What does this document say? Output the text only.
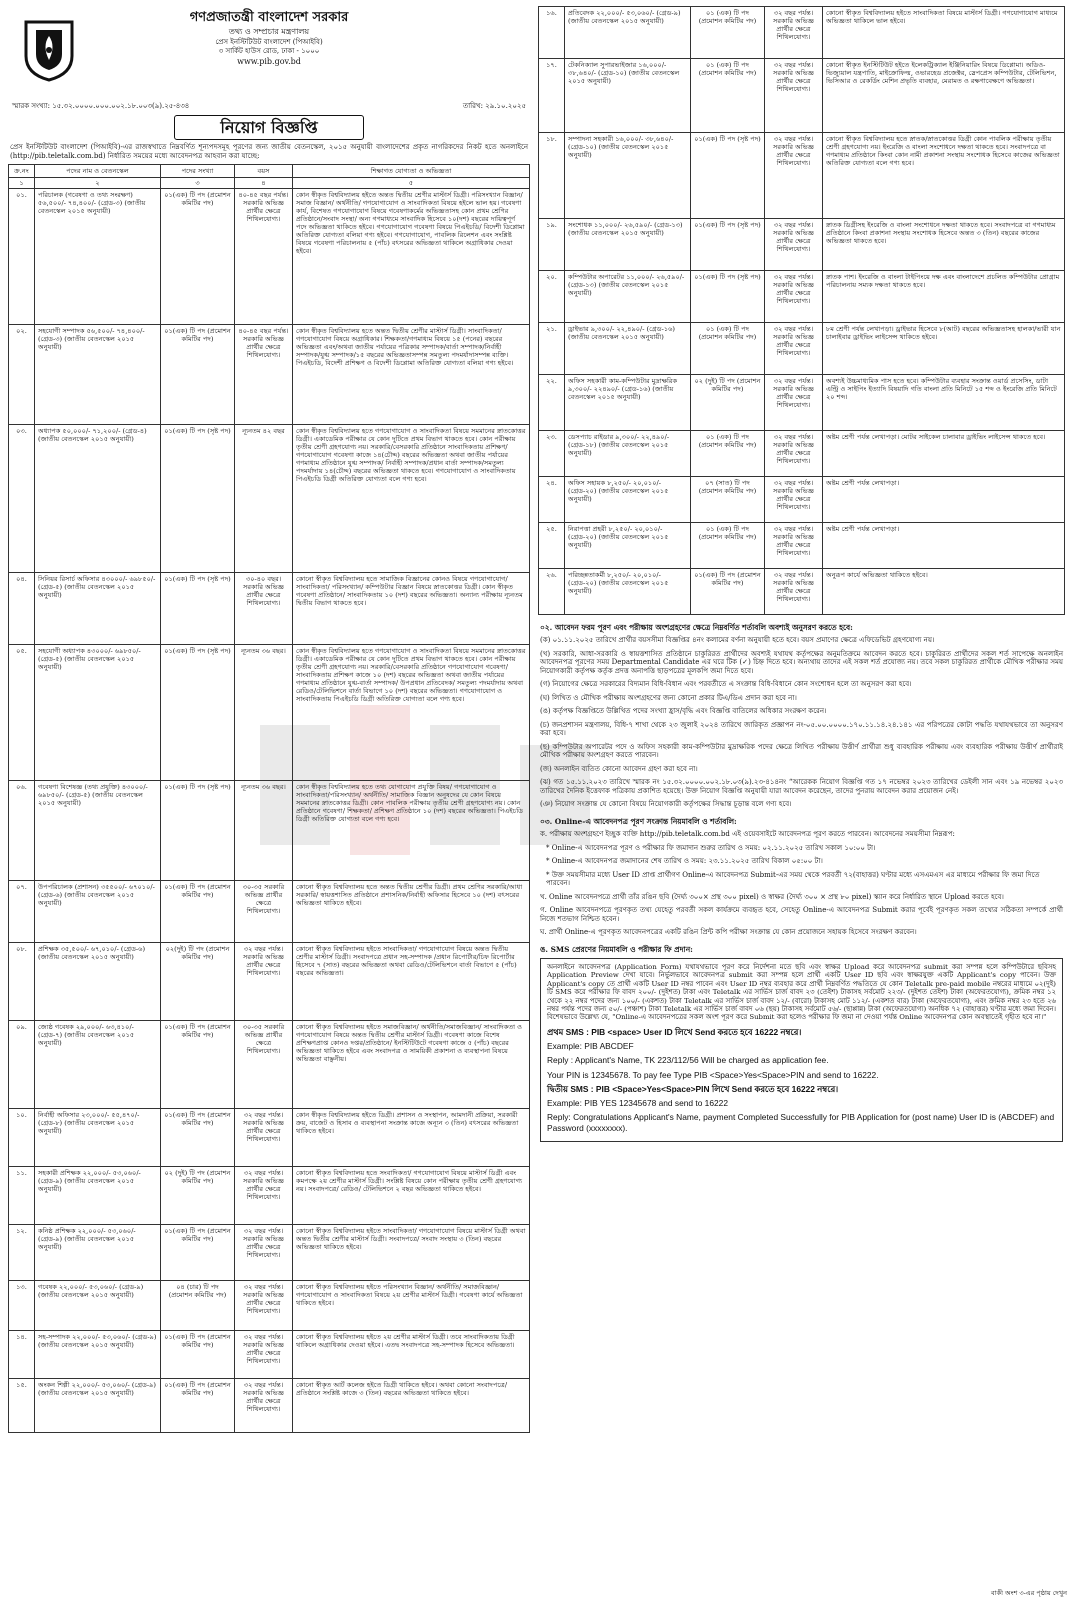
গণপ্রজাতন্ত্রী বাংলাদেশ সরকার
তথ্য ও সম্প্রচার মন্ত্রণালয়
প্রেস ইনস্টিটিউট বাংলাদেশ (পিআইবি)
৩ সার্কিট হাউস রোড, ঢাকা - ১০০০
www.pib.gov.bd
স্মারক সংখ্যা: ১৫.৩২.০০০০.০০০.০০২.১৮.০০৩(৯).২৫-৪৩৪	তারিখ: ২৯.১০.২০২৫
নিয়োগ বিজ্ঞপ্তি
প্রেস ইনস্টিটিউট বাংলাদেশ (পিআইবি)-এর রাজস্বখাতে নিম্নবর্ণিত শূন্যপদসমূহ পূরণের জন্য জাতীয় বেতনস্কেল, ২০১৫ অনুযায়ী বাংলাদেশের প্রকৃত নাগরিকদের নিকট হতে অনলাইনে (http://pib.teletalk.com.bd) নির্ধারিত সময়ের মধ্যে আবেদনপত্র আহবান করা যাচ্ছে:
ক্র.নং	পদের নাম ও বেতনস্কেল	পদের সংখ্যা	বয়স	শিক্ষাগত যোগ্যতা ও অভিজ্ঞতা
১	২	৩	৪	৫
০১.	পরিচালক (গবেষণা ও তথ্য সংরক্ষণ) ৫৬,৫০০/- ৭৪,৪০০/- (গ্রেড-৩) (জাতীয় বেতনস্কেল ২০১৫ অনুযায়ী)	০১(এক) টি পদ (প্রমোশন কমিটির পদ)	৪০-৪৫ বছর পর্যন্ত। সরকারি অভিজ্ঞ প্রার্থীর ক্ষেত্রে শিথিলযোগ্য।	কোন স্বীকৃত বিশ্ববিদ্যালয় হইতে অন্তত দ্বিতীয় শ্রেণীর মাস্টার্স ডিগ্রী। পরিসংখ্যান বিজ্ঞান/সমাজ বিজ্ঞান/ অর্থনীতি/ গণযোগাযোগ ও সাংবাদিকতা বিষয়ে হইলে ভাল হয়। গবেষণা কার্য, বিশেষত গণযোগাযোগ বিষয়ে গবেষণাকর্মের অভিজ্ঞতাসহ কোন প্রথম শ্রেণির প্রতিষ্ঠানে/সংবাদ সংস্থা/ অন্য গণমাধ্যমে সাংবাদিক হিসেবে ১০(দশ) বছরের দায়িত্বপূর্ণ পদে অভিজ্ঞতা থাকিতে হইবে। গণযোগাযোগ গবেষণা বিষয়ে পিএইচডি/ বিদেশী ডিপ্লোমা অতিরিক্ত যোগ্যতা বলিয়া গণ্য হইবে। গণযোগাযোগ, পাবলিক রিলেশন এবং সংশ্লিষ্ট বিষয়ে গবেষণা পরিচালনায় ৫ (পাঁচ) বৎসরের অভিজ্ঞতা থাকিলে অগ্রাধিকার দেওয়া হইবে।
০২.	সহযোগী সম্পাদক ৫৬,৫০০/- ৭৪,৪০০/- (গ্রেড-৩) (জাতীয় বেতনস্কেল ২০১৫ অনুযায়ী)	০১(এক) টি পদ (প্রমোশন কমিটির পদ)	৪০-৪৫ বছর পর্যন্ত। সরকারি অভিজ্ঞ প্রার্থীর ক্ষেত্রে শিথিলযোগ্য।	কোন স্বীকৃত বিশ্ববিদ্যালয় হতে অন্তত দ্বিতীয় শ্রেণীর মাস্টার্স ডিগ্রী। সাংবাদিকতা/ গণযোগাযোগ বিষয়ে অগ্রাধিকার। শিক্ষকতা/গণমাধ্যম বিষয়ে ১৫ (পনের) বছরের অভিজ্ঞতা এবং/অথবা জাতীয় পর্যায়ের পত্রিকার সম্পাদক/বার্তা সম্পাদক/নির্বাহী সম্পাদক/যুগ্ম সম্পাদক/১৫ বছরের অভিজ্ঞতাসম্পন্ন সমতুল্য পদমর্যাদাসম্পন্ন ব্যক্তি। পিএইচডি, বিদেশী প্রশিক্ষণ ও বিদেশী ডিপ্লোমা অতিরিক্ত যোগ্যতা বলিয়া গণ্য হইবে।
০৩.	অধ্যাপক ৫০,০০০/- ৭১,২০০/- (গ্রেড-৪) (জাতীয় বেতনস্কেল ২০১৫ অনুযায়ী)	০১(এক) টি পদ (সৃষ্ট পদ)	ন্যূনতম ৪২ বছর	কোন স্বীকৃত বিশ্ববিদ্যালয় হতে গণযোগাযোগ ও সাংবাদিকতা বিষয়ে সমমানের স্নাতকোত্তর ডিগ্রী। একাডেমিক পরীক্ষার যে কোন দুটিতে প্রথম বিভাগ থাকতে হবে। কোন পরীক্ষায় তৃতীয় শ্রেণী গ্রহণযোগ্য নয়। সরকারি/বেসরকারি প্রতিষ্ঠানে সাংবাদিকতায় প্রশিক্ষণ/ গণযোগাযোগ গবেষণা কাজে ১৪(চৌদ্দ) বছরের অভিজ্ঞতা অথবা জাতীয় পর্যায়ের গণমাধ্যম প্রতিষ্ঠানে যুগ্ম সম্পাদক/ নির্বাহী সম্পাদক/প্রধান বার্তা সম্পাদক/সমতুল্য পদমর্যাদায় ১৪(চৌদ্দ) বছরের অভিজ্ঞতা থাকতে হবে। গণযোগাযোগ ও সাংবাদিকতায় পিএইচডি ডিগ্রী অতিরিক্ত যোগ্যতা বলে গণ্য হবে।
০৪.	সিনিয়র রিসার্চ অফিসার ৪৩০০০/- ৬৯৮৫০/- (গ্রেড-৫) (জাতীয় বেতনস্কেল ২০১৫ অনুযায়ী)	০১(এক) টি পদ (সৃষ্ট পদ)	৩০-৪০ বছর। সরকারি অভিজ্ঞ প্রার্থীর ক্ষেত্রে শিথিলযোগ্য।	কোনো স্বীকৃত বিশ্ববিদ্যালয় হতে সামাজিক বিজ্ঞানের কোনও বিষয়ে গণযোগাযোগ/ সাংবাদিকতা/ পরিসংখ্যান/ কম্পিউটার বিজ্ঞান বিষয়ে স্নাতকোত্তর ডিগ্রী। কোন স্বীকৃত গবেষণা প্রতিষ্ঠানে/ সাংবাদিকতায় ১০ (দশ) বছরের অভিজ্ঞতা। অন্যান্য পরীক্ষায় ন্যূনতম দ্বিতীয় বিভাগ থাকতে হবে।
০৫.	সহযোগী অধ্যাপক ৪৩০০০/- ৬৯৮৫০/- (গ্রেড-৫) (জাতীয় বেতনস্কেল ২০১৫ অনুযায়ী)	০১(এক) টি পদ (সৃষ্ট পদ)	ন্যূনতম ৩৬ বছর।	কোন স্বীকৃত বিশ্ববিদ্যালয় হতে গণযোগাযোগ ও সাংবাদিকতা বিষয়ে সমমানের স্নাতকোত্তর ডিগ্রী। একাডেমিক পরীক্ষার যে কোন দুটিতে প্রথম বিভাগ থাকতে হবে। কোন পরীক্ষায় তৃতীয় শ্রেণী গ্রহণযোগ্য নয়। সরকারি/বেসরকারি প্রতিষ্ঠানে গণযোগাযোগ গবেষণা/ সাংবাদিকতায় প্রশিক্ষণ কাজে ১০ (দশ) বছরের অভিজ্ঞতা অথবা জাতীয় পর্যায়ের গণমাধ্যম প্রতিষ্ঠানে যুগ্ম-বার্তা সম্পাদক/ উপপ্রধান প্রতিবেদক/ সমতুল্য পদমর্যাদায় অথবা রেডিও/টেলিভিশনে বার্তা বিভাগে ১০ (দশ) বছরের অভিজ্ঞতা। গণযোগাযোগ ও সাংবাদিকতায় পিএইচডি ডিগ্রী অতিরিক্ত যোগ্যতা বলে গণ্য হবে।
০৬.	গবেষণা বিশেষজ্ঞ (তথ্য প্রযুক্তি) ৪৩০০০/- ৬৯৮৫০/- (গ্রেড-৫) (জাতীয় বেতনস্কেল ২০১৫ অনুযায়ী)	০১(এক) টি পদ (সৃষ্ট পদ)	ন্যূনতম ৩৬ বছর।	কোন স্বীকৃত বিশ্ববিদ্যালয় হতে তথ্য যোগাযোগ প্রযুক্তি বিষয়/ গণযোগাযোগ ও সাংবাদিকতা/পরিসংখ্যান/ অর্থনীতি/ সামাজিক বিজ্ঞান অনুষদের যে কোন বিষয়ে সমমানের স্নাতকোত্তর ডিগ্রী। কোন পাবলিক পরীক্ষায় তৃতীয় শ্রেণী গ্রহণযোগ্য নয়। কোন প্রতিষ্ঠানে গবেষণা/ শিক্ষকতা/ প্রশিক্ষণ প্রতিষ্ঠানে ১০ (দশ) বছরের অভিজ্ঞতা। পিএইচডি ডিগ্রী অতিরিক্ত যোগ্যতা বলে গণ্য হবে।
০৭.	উপপরিচালক (প্রশাসন) ৩৫৫০০/- ৬৭০১০/- (গ্রেড-৬) (জাতীয় বেতনস্কেল ২০১৫ অনুযায়ী)	০১(এক) টি পদ (প্রমোশন কমিটির পদ)	৩০-৩৫ সরকারি অভিজ্ঞ প্রার্থীর ক্ষেত্রে শিথিলযোগ্য।	কোনো স্বীকৃত বিশ্ববিদ্যালয় হতে অন্তত দ্বিতীয় শ্রেণীর ডিগ্রী। প্রথম শ্রেণির সরকারি/আধা সরকারি/ স্বায়ত্তশাসিত প্রতিষ্ঠানে প্রশাসনিক/নির্বাহী অফিসার হিসেবে ১০ (দশ) বৎসরের অভিজ্ঞতা থাকিতে হইবে।
০৮.	প্রশিক্ষক ৩৫,৫০০/- ৬৭,০১০/- (গ্রেড-৬) (জাতীয় বেতনস্কেল ২০১৫ অনুযায়ী)	০২(দুই) টি পদ (প্রমোশন কমিটির পদ)	৩২ বছর পর্যন্ত। সরকারি অভিজ্ঞ প্রার্থীর ক্ষেত্রে শিথিলযোগ্য।	কোনো স্বীকৃত বিশ্ববিদ্যালয় হইতে সাংবাদিকতা/ গণযোগাযোগ বিষয়ে অন্তত দ্বিতীয় শ্রেণীর মাস্টার্স ডিগ্রী। সংবাদপত্রে প্রধান সহ-সম্পাদক /প্রধান রিপোর্টার/চিফ রিপোর্টার হিসেবে ৭ (সাত) বছরের অভিজ্ঞতা অথবা রেডিও/টেলিভিশনে বার্তা বিভাগে ৫ (পাঁচ) বছরের অভিজ্ঞতা।
০৯.	জ্যেষ্ঠ গবেষক ২৯,০০০/- ৬৩,৪১০/- (গ্রেড-৭) (জাতীয় বেতনস্কেল ২০১৫ অনুযায়ী)	০১(এক) টি পদ (প্রমোশন কমিটির পদ)	৩০-৩৫ সরকারি অভিজ্ঞ প্রার্থীর ক্ষেত্রে শিথিলযোগ্য।	কোনো স্বীকৃত বিশ্ববিদ্যালয় হইতে সমাজবিজ্ঞান/ অর্থনীতি/সমাজবিজ্ঞান/ সাংবাদিকতা ও গণযোগাযোগ বিষয়ে অন্তত দ্বিতীয় শ্রেণীর মাস্টার্স ডিগ্রী। গবেষণা কাজে বিশেষ প্রশিক্ষণপ্রাপ্ত কোনও দপ্তর/প্রতিষ্ঠানে/ ইনস্টিটিউটে গবেষণা কাজে ৫ (পাঁচ) বছরের অভিজ্ঞতা থাকিতে হইবে এবং সংবাদপত্র ও সাময়িকী প্রকাশনা ও ব্যবস্থাপনা বিষয়ে অভিজ্ঞতা বাঞ্ছনীয়।
১০.	নির্বাহী অফিসার ২৩,০০০/- ৫৫,৪৭০/- (গ্রেড-৮) (জাতীয় বেতনস্কেল ২০১৫ অনুযায়ী)	০১(এক) টি পদ (প্রমোশন কমিটির পদ)	৩২ বছর পর্যন্ত। সরকারি অভিজ্ঞ প্রার্থীর ক্ষেত্রে শিথিলযোগ্য।	কোন স্বীকৃত বিশ্ববিদ্যালয় হইতে ডিগ্রী। প্রশাসন ও সংস্থাপন, আমদানী প্রক্রিয়া, সরকারী ক্রয়, বাজেট ও হিসাব ও ব্যবস্থাপনা সংক্রান্ত কাজে অন্যূন ৩ (তিন) বৎসরের অভিজ্ঞতা থাকিতে হইবে।
১১.	সহকারী প্রশিক্ষক ২২,০০০/- ৫৩,০৬০/- (গ্রেড-৯) (জাতীয় বেতনস্কেল ২০১৫ অনুযায়ী)	০২ (দুই) টি পদ (প্রমোশন কমিটির পদ)	৩২ বছর পর্যন্ত। সরকারি অভিজ্ঞ প্রার্থীর ক্ষেত্রে শিথিলযোগ্য।	কোনো স্বীকৃত বিশ্ববিদ্যালয় হতে সংবাদিকতা/ গণযোগাযোগ বিষয়ে মাস্টার্স ডিগ্রী এবং কমপক্ষে ২য় শ্রেণীর মাস্টার্স ডিগ্রী। সংশ্লিষ্ট বিষয়ে কোন পরীক্ষায় তৃতীয় শ্রেণী গ্রহণযোগ্য নয়। সংবাদপত্রে/ রেডিও/ টেলিভিশনে ২ বছর অভিজ্ঞতা থাকিতে হইবে।
১২.	কনিষ্ঠ প্রশিক্ষক ২২,০০০/- ৫৩,০৬০/- (গ্রেড-৯) (জাতীয় বেতনস্কেল ২০১৫ অনুযায়ী)	০১(এক) টি পদ (প্রমোশন কমিটির পদ)	৩২ বছর পর্যন্ত। সরকারি অভিজ্ঞ প্রার্থীর ক্ষেত্রে শিথিলযোগ্য।	কোনো স্বীকৃত বিশ্ববিদ্যালয় হইতে সাংবাদিকতা/ গণযোগাযোগ বিষয়ে মাস্টার্স ডিগ্রী অথবা অন্তত দ্বিতীয় শ্রেণীর মাস্টার্স ডিগ্রী। সংবাদপত্রে/ সংবাদ সংস্থায় ৩ (তিন) বছরের অভিজ্ঞতা থাকিতে হইবে।
১৩.	গবেষক ২২,০০০/- ৫৩,০৬০/- (গ্রেড-৯) (জাতীয় বেতনস্কেল ২০১৫ অনুযায়ী)	০৪ (চার) টি পদ (প্রমোশন কমিটির পদ)	৩২ বছর পর্যন্ত। সরকারি অভিজ্ঞ প্রার্থীর ক্ষেত্রে শিথিলযোগ্য।	কোনো স্বীকৃত বিশ্ববিদ্যালয় হইতে পরিসংখ্যান বিজ্ঞান/ অর্থনীতি/ সমাজবিজ্ঞান/ গণযোগাযোগ ও সাংবাদিকতা বিষয়ে ২য় শ্রেণীর মাস্টার্স ডিগ্রী। গবেষণা কার্যে অভিজ্ঞতা থাকিতে হইবে।
১৪.	সহ-সম্পাদক ২২,০০০/- ৫৩,০৬০/- (গ্রেড-৯) (জাতীয় বেতনস্কেল ২০১৫ অনুযায়ী)	০১(এক) টি পদ (প্রমোশন কমিটির পদ)	৩২ বছর পর্যন্ত। সরকারি অভিজ্ঞ প্রার্থীর ক্ষেত্রে শিথিলযোগ্য।	কোনো স্বীকৃত বিশ্ববিদ্যালয় হইতে ২য় শ্রেণীর মাস্টার্স ডিগ্রী। তবে সাংবাদিকতায় ডিগ্রী থাকিলে অগ্রাধিকার দেওয়া হইবে। এতদ্ব সংবাদপত্রে সহ-সম্পাদক হিসেবে অভিজ্ঞতা।
১৫.	অংকন শিল্পী ২২,০০০/- ৫৩,০৬০/- (গ্রেড-৯) (জাতীয় বেতনস্কেল ২০১৫ অনুযায়ী)	০১(এক) টি পদ (প্রমোশন কমিটির পদ)	৩২ বছর পর্যন্ত। সরকারি অভিজ্ঞ প্রার্থীর ক্ষেত্রে শিথিলযোগ্য।	কোনো স্বীকৃত আর্ট কলেজ হইতে ডিগ্রী থাকিতে হইবে। অথবা কোনো সংবাদপত্রে/প্রতিষ্ঠানে সংশ্লিষ্ট কাজে ৩ (তিন) বছরের অভিজ্ঞতা থাকিতে হইবে।
১৬.	প্রতিবেদক ২২,০০০/- ৫৩,০৬০/- (গ্রেড-৯) (জাতীয় বেতনস্কেল ২০১৫ অনুযায়ী)	০১ (এক) টি পদ (প্রমোশন কমিটির পদ)	৩২ বছর পর্যন্ত। সরকারি অভিজ্ঞ প্রার্থীর ক্ষেত্রে শিথিলযোগ্য।	কোনো স্বীকৃত বিশ্ববিদ্যালয় হইতে সাংবাদিকতা বিষয়ে মাস্টার্স ডিগ্রী। গণযোগাযোগ মাধ্যমে অভিজ্ঞতা থাকিলে ভাল হইবে।
১৭.	টেকনিক্যাল সুপারভাইজার ১৬,০০০/- ৩৮,৬৪০/- (গ্রেড-১০) (জাতীয় বেতনস্কেল ২০১৫ অনুযায়ী)	০১ (এক) টি পদ (প্রমোশন কমিটির পদ)	৩২ বছর পর্যন্ত। সরকারি অভিজ্ঞ প্রার্থীর ক্ষেত্রে শিথিলযোগ্য।	কোনো স্বীকৃত ইনস্টিটিউট হইতে ইলেকট্রিক্যাল ইঞ্জিনিয়ারিং বিষয়ে ডিপ্লোমা। অডিও-ভিজ্যুয়াল যন্ত্রপাতি, মাইক্রোফিল্ম, ওভারহেড প্রজেক্টর, স্লেপপ্রেস কম্পিউটার, টেলিভিশন, ভিসিআর ও রেকর্ডিং মেশিন প্রভৃতি ব্যবহার, মেরামত ও রক্ষণাবেক্ষণে অভিজ্ঞতা।
১৮.	সম্পাদনা সহকারী ১৬,০০০/- ৩৮,৬৪০/- (গ্রেড-১০) (জাতীয় বেতনস্কেল ২০১৫ অনুযায়ী)	০১(এক) টি পদ (সৃষ্ট পদ)	৩২ বছর পর্যন্ত। সরকারি অভিজ্ঞ প্রার্থীর ক্ষেত্রে শিথিলযোগ্য।	কোনো স্বীকৃত বিশ্ববিদ্যালয় হতে স্নাতক/স্নাতকোত্তর ডিগ্রী কোন পাবলিক পরীক্ষায় তৃতীয় শ্রেণী গ্রহণযোগ্য নয়। ইংরেজি ও বাংলা সংশোধনে দক্ষতা থাকতে হবে। সংবাদপত্রে বা গণমাধ্যম প্রতিষ্ঠানে কিংবা কোন নামী প্রকাশনা সংস্থায় সংশোধক হিসেবে কাজের অভিজ্ঞতা অতিরিক্ত যোগ্যতা বলে গণ্য হবে।
১৯.	সংশোধক ১১,০০০/- ২৬,৫৯০/- (গ্রেড-১৩) (জাতীয় বেতনস্কেল ২০১৫ অনুযায়ী)	০১(এক) টি পদ (সৃষ্ট পদ)	৩২ বছর পর্যন্ত। সরকারি অভিজ্ঞ প্রার্থীর ক্ষেত্রে শিথিলযোগ্য।	স্নাতক ডিগ্রীসহ ইংরেজি ও বাংলা সংশোধনে দক্ষতা থাকতে হবে। সংবাদপত্রে বা গণমাধ্যম প্রতিষ্ঠানে কিংবা প্রকাশনা সংস্থায় সংশোধক হিসেবে অন্তত ৩ (তিন) বছরের কাজের অভিজ্ঞতা থাকতে হবে।
২০.	কম্পিউটার অপারেটর ১১,০০০/- ২৬,৫৯০/- (গ্রেড-১৩) (জাতীয় বেতনস্কেল ২০১৫ অনুযায়ী)	০১(এক) টি পদ (সৃষ্ট পদ)	৩২ বছর পর্যন্ত। সরকারি অভিজ্ঞ প্রার্থীর ক্ষেত্রে শিথিলযোগ্য।	স্নাতক পাশ। ইংরেজি ও বাংলা টাইপিংয়ে দক্ষ এবং বাংলাদেশে প্রচলিত কম্পিউটার প্রোগ্রাম পরিচালনায় সম্যক দক্ষতা থাকতে হবে।
২১.	ড্রাইভার ৯,৩০০/- ২২,৪৯০/- (গ্রেড-১৬) (জাতীয় বেতনস্কেল ২০১৫ অনুযায়ী)	০১ (এক) টি পদ (প্রমোশন কমিটির পদ)	৩২ বছর পর্যন্ত। সরকারি অভিজ্ঞ প্রার্থীর ক্ষেত্রে শিথিলযোগ্য।	৮ম শ্রেণী পর্যন্ত লেখাপড়া। ড্রাইভার হিসেবে ৮(আট) বছরের অভিজ্ঞতাসহ হালকা/ভারী যান চালাইবার ড্রাইভিং লাইসেন্স থাকিতে হইবে।
২২.	অফিস সহকারী কাম-কম্পিউটার মুদ্রাক্ষরিক ৯,৩০০/- ২২৪৯০/- (গ্রেড-১৬) (জাতীয় বেতনস্কেল ২০১৫ অনুযায়ী)	০২ (দুই) টি পদ (প্রমোশন কমিটির পদ)	৩২ বছর পর্যন্ত। সরকারি অভিজ্ঞ প্রার্থীর ক্ষেত্রে শিথিলযোগ্য।	অবশ্যই উচ্চমাধ্যমিক পাস হতে হবে। কম্পিউটার ব্যবহার সংক্রান্ত ওয়ার্ড প্রসেসিং, ডাটা এন্ট্রি ও সাইপিং ইত্যাদি বিষয়াদি গতি বাংলা প্রতি মিনিটে ১৫ শব্দ ও ইংরেজি প্রতি মিনিটে ২০ শব্দ।
২৩.	ডেসপ্যাচ রাইডার ৯,৩০০/- ২২,৪৯০/- (গ্রেড-১৮) (জাতীয় বেতনস্কেল ২০১৫ অনুযায়ী)	০১ (এক) টি পদ (প্রমোশন কমিটির পদ)	৩২ বছর পর্যন্ত। সরকারি অভিজ্ঞ প্রার্থীর ক্ষেত্রে শিথিলযোগ্য।	অষ্টম শ্রেণী পর্যন্ত লেখাপড়া। মোটর সাইকেল চালাবার ড্রাইভিং লাইসেন্স থাকতে হবে।
২৪.	অফিস সহায়ক ৮,২৫০/- ২০,০১০/- (গ্রেড-২০) (জাতীয় বেতনস্কেল ২০১৫ অনুযায়ী)	০৭ (সাত) টি পদ (প্রমোশন কমিটির পদ)	৩২ বছর পর্যন্ত। সরকারি অভিজ্ঞ প্রার্থীর ক্ষেত্রে শিথিলযোগ্য।	অষ্টম শ্রেণী পর্যন্ত লেখাপড়া।
২৫.	নিরাপত্তা প্রহরী ৮,২৫০/- ২০,০১০/- (গ্রেড-২০) (জাতীয় বেতনস্কেল ২০১৫ অনুযায়ী)	০১ (এক) টি পদ (প্রমোশন কমিটির পদ)	৩২ বছর পর্যন্ত। সরকারি অভিজ্ঞ প্রার্থীর ক্ষেত্রে শিথিলযোগ্য।	অষ্টম শ্রেণী পর্যন্ত লেখাপড়া।
২৬.	পরিচ্ছন্নতাকর্মী ৮,২৫০/- ২০,০১০/- (গ্রেড-২০) (জাতীয় বেতনস্কেল ২০১৫ অনুযায়ী)	০১(এক) টি পদ (প্রমোশন কমিটির পদ)	৩২ বছর পর্যন্ত। সরকারি অভিজ্ঞ প্রার্থীর ক্ষেত্রে শিথিলযোগ্য।	অনুরূপ কার্যে অভিজ্ঞতা থাকিতে হইবে।
০২. আবেদন ফরম পূরণ এবং পরীক্ষায় অংশগ্রহণের ক্ষেত্রে নিম্নবর্ণিত শর্তাবলি অবশ্যই অনুসরণ করতে হবে:
(ক) ০১.১১.২০২৫ তারিখে প্রার্থীর বয়সসীমা বিজ্ঞপ্তির ৪নং কলামের বর্ণনা অনুযায়ী হতে হবে। বয়স প্রমাণের ক্ষেত্রে এফিডেভিট গ্রহণযোগ্য নয়।
(খ) সরকারি, আধা-সরকারি ও স্বায়ত্তশাসিত প্রতিষ্ঠানে চাকুরিরত প্রার্থীদের অবশ্যই যথাযথ কর্তৃপক্ষের অনুমতিক্রমে আবেদন করতে হবে। চাকুরিরত প্রার্থীদের সকল শর্ত সাপেক্ষে অনলাইন আবেদনপত্র পূরণের সময় Departmental Candidate এর ঘরে টিক (✓) চিহ্ন দিতে হবে। অন্যথায় তাদের এই সকল শর্ত প্রযোজ্য নয়। তবে সকল চাকুরিরত প্রার্থীকে মৌখিক পরীক্ষার সময় নিয়োগকারী কর্তৃপক্ষ কর্তৃক প্রদত্ত অনাপত্তি ছাড়পত্রের মূলকপি জমা দিতে হবে।
(গ) নিয়োগের ক্ষেত্রে সরকারের বিদ্যমান বিধি-বিধান এবং পরবর্তীতে এ সংক্রান্ত বিধি-বিধানে কোন সংশোধন হলে তা অনুসরণ করা হবে।
(ঘ) লিখিত ও মৌখিক পরীক্ষায় অংশগ্রহণের জন্য কোনো প্রকার টিএ/ডিএ প্রদান করা হবে না।
(ঙ) কর্তৃপক্ষ বিজ্ঞপ্তিতে উল্লিখিত পদের সংখ্যা হ্রাস/বৃদ্ধি এবং বিজ্ঞপ্তি বাতিলের অধিকার সংরক্ষণ করেন।
(চ) জনপ্রশাসন মন্ত্রণালয়, বিধি-৭ শাখা থেকে ২৩ জুলাই ২০২৪ তারিখে জারিকৃত প্রজ্ঞাপন নং-০৫.০০.০০০০.১৭০.১১.১৪.২৪.১৪১ এর পরিপত্রের কোটা পদ্ধতি যথাযথভাবে তা অনুসরণ করা হবে।
(ছ) কম্পিউটার অপারেটর পদে ও অফিস সহকারী কাম-কম্পিউটার মুদ্রাক্ষরিক পদের ক্ষেত্রে লিখিত পরীক্ষায় উত্তীর্ণ প্রার্থীরা শুধু ব্যবহারিক পরীক্ষায় এবং ব্যবহারিক পরীক্ষায় উত্তীর্ণ প্রার্থীরাই মৌখিক পরীক্ষায় অংশগ্রহণ করতে পারবেন।
(জ) অনলাইন ব্যতিত কোনো আবেদন গ্রহণ করা হবে না।
(ঝ) গত ১৫.১১.২০২৩ তারিখে স্মারক নং ১৫.৩২.০০০০.০০২.১৮.০৩(৯).২৩-৪১৪নং “আরেকক নিয়োগ বিজ্ঞপ্তি গত ১৭ নভেম্বর ২০২৩ তারিখের ডেইলী সান এবং ১৯ নভেম্বর ২০২৩ তারিখের দৈনিক ইত্তেফাক পত্রিকায় প্রকাশিত হয়েছে। উক্ত নিয়োগ বিজ্ঞপ্তি অনুযায়ী যারা আবেদন করেছেন, তাদের পুনরায় আবেদন করার প্রয়োজন নেই।
(ঞ) নিয়োগ সংক্রান্ত যে কোনো বিষয়ে নিয়োগকারী কর্তৃপক্ষের সিদ্ধান্ত চূড়ান্ত বলে গণ্য হবে।
০৩. Online-এ আবেদনপত্র পূরণ সংক্রান্ত নিয়মাবলি ও শর্তাবলি:
ক. পরীক্ষায় অংশগ্রহণে ইচ্ছুক ব্যক্তি http://pib.teletalk.com.bd এই ওয়েবসাইটে আবেদনপত্র পূরণ করতে পারবেন। আবেদনের সময়সীমা নিম্নরূপ:
* Online-এ আবেদনপত্র পূরণ ও পরীক্ষার ফি জমাদান শুরুর তারিখ ও সময়: ০২.১১.২০২৫ তারিখ সকাল ১০:০০ টা।
* Online-এ আবেদনপত্র জমাদানের শেষ তারিখ ও সময়: ২৩.১১.২০২৫ তারিখ বিকাল ০৫:০০ টা।
* উক্ত সময়সীমার মধ্যে User ID প্রাপ্ত প্রার্থীগণ Online-এ আবেদনপত্র Submit-এর সময় থেকে পরবর্তী ৭২(বাহাত্তর) ঘণ্টার মধ্যে এসএমএস এর মাধ্যমে পরীক্ষার ফি জমা দিতে পারবেন।
খ. Online আবেদনপত্রে প্রার্থী তাঁর রঙিন ছবি (দৈর্ঘ্য ৩০০× প্রস্থ ৩০০ pixel) ও স্বাক্ষর (দৈর্ঘ্য ৩০০ × প্রস্থ ৮০ pixel) স্ক্যান করে নির্ধারিত স্থানে Upload করতে হবে।
গ. Online আবেদনপত্রে পূরণকৃত তথ্য যেহেতু পরবর্তী সকল কার্যক্রমে ব্যবহৃত হবে, সেহেতু Online-এ আবেদনপত্র Submit করার পূর্বেই পূরণকৃত সকল তথ্যের সঠিকতা সম্পর্কে প্রার্থী নিজে শতভাগ নিশ্চিত হবেন।
ঘ. প্রার্থী Online-এ পূরণকৃত আবেদনপত্রের একটি রঙিন প্রিন্ট কপি পরীক্ষা সংক্রান্ত যে কোন প্রয়োজনে সহায়ক হিসেবে সংরক্ষণ করবেন।
ঙ. SMS প্রেরণের নিয়মাবলি ও পরীক্ষার ফি প্রদান:
অনলাইনে আবেদনপত্র (Application Form) যথাযথভাবে পূরণ করে নির্দেশনা মতে ছবি এবং স্বাক্ষর Upload করে আবেদনপত্র submit করা সম্পন্ন হলে কম্পিউটারে ছবিসহ Application Preview দেখা যাবে। নির্ভুলভাবে আবেদনপত্র submit করা সম্পন্ন হলে প্রার্থী একটি User ID ছবি এবং স্বাক্ষরযুক্ত একটি Applicant's copy পাবেন। উক্ত Applicant's copy তে প্রার্থী একটি User ID নম্বর পাবেন এবং User ID নম্বর ব্যবহার করে প্রার্থী নিম্নবর্ণিত পদ্ধতিতে যে কোন Teletalk pre-paid mobile নম্বরের মাধ্যমে ০২(দুই) টি SMS করে পরীক্ষার ফি বাবদ ২০০/- (দুইশত) টাকা এবং Teletalk এর সার্ভিস চার্জ বাবদ ২৩ (তেইশ) টাকাসহ সর্বমোট ২২৩/- (দুইশত তেইশ) টাকা (অফেরতযোগ্য), ক্রমিক নম্বর ১২ থেকে ২২ নম্বর পদের জন্য ১০০/- (একশত) টাকা Teletalk এর সার্ভিস চার্জ বাবদ ১২/- (বারো) টাকাসহ মোট ১১২/- (একশত বার) টাকা (অফেরতযোগ্য), এবং ক্রমিক নম্বর ২৩ হতে ২৬ নম্বর পর্যন্ত পদের জন্য ৫০/- (পঞ্চাশ) টাকা Teletalk এর সার্ভিস চার্জ বাবদ ০৬ (ছয়) টাকাসহ সর্বমোট ৫৬/- (ছাপ্পান্ন) টাকা (অফেরতযোগ্য) অনধিক ৭২ (বাহাত্তর) ঘণ্টার মধ্যে জমা দিবেন। বিশেষভাবে উল্লেখ্য যে, "Online-এ আবেদনপত্রের সকল অংশ পূরণ করে Submit করা হলেও পরীক্ষার ফি জমা না দেওয়া পর্যন্ত Online আবেদনপত্র কোন অবস্থাতেই গৃহীত হবে না।"
প্রথম SMS : PIB <space> User ID লিখে Send করতে হবে 16222 নম্বরে।
Example: PIB ABCDEF
Reply : Applicant's Name, TK 223/112/56 Will be charged as application fee.
Your PIN is 12345678. To pay fee Type PIB <Space>Yes<Space>PIN and send to 16222.
দ্বিতীয় SMS : PIB <Space>Yes<Space>PIN লিখে Send করতে হবে 16222 নম্বরে।
Example: PIB YES 12345678 and send to 16222
Reply: Congratulations Applicant's Name, payment Completed Successfully for PIB Application for (post name) User ID is (ABCDEF) and Password (xxxxxxxx).
বাকী অংশ ৩-এর পৃষ্ঠায় দেখুন
